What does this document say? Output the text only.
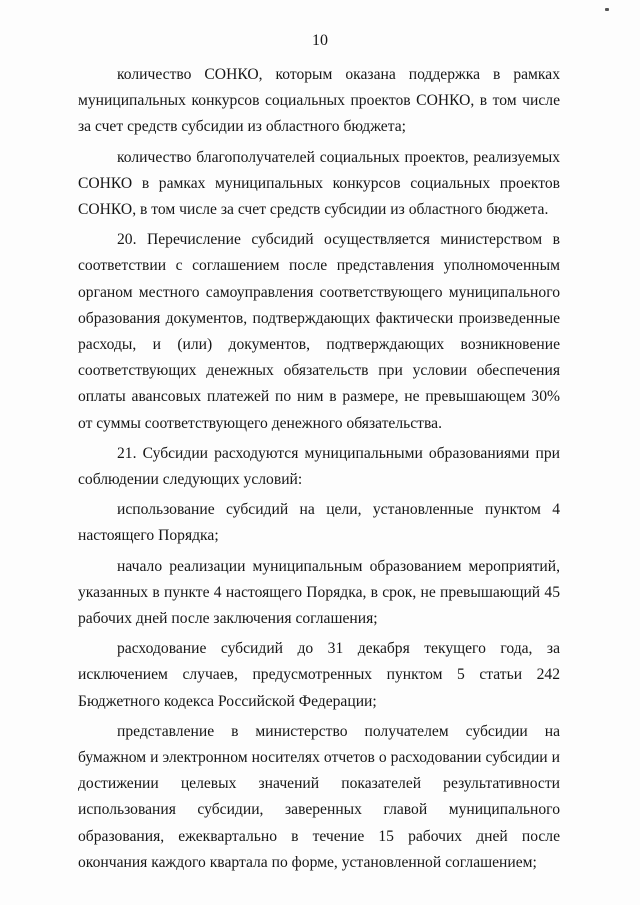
10

количество СОНКО, которым оказана поддержка в рамках муниципальных конкурсов социальных проектов СОНКО, в том числе за счет средств субсидии из областного бюджета;

количество благополучателей социальных проектов, реализуемых СОНКО в рамках муниципальных конкурсов социальных проектов СОНКО, в том числе за счет средств субсидии из областного бюджета.

20. Перечисление субсидий осуществляется министерством в соответствии с соглашением после представления уполномоченным органом местного самоуправления соответствующего муниципального образования документов, подтверждающих фактически произведенные расходы, и (или) документов, подтверждающих возникновение соответствующих денежных обязательств при условии обеспечения оплаты авансовых платежей по ним в размере, не превышающем 30% от суммы соответствующего денежного обязательства.

21. Субсидии расходуются муниципальными образованиями при соблюдении следующих условий:

использование субсидий на цели, установленные пунктом 4 настоящего Порядка;

начало реализации муниципальным образованием мероприятий, указанных в пункте 4 настоящего Порядка, в срок, не превышающий 45 рабочих дней после заключения соглашения;

расходование субсидий до 31 декабря текущего года, за исключением случаев, предусмотренных пунктом 5 статьи 242 Бюджетного кодекса Российской Федерации;

представление в министерство получателем субсидии на бумажном и электронном носителях отчетов о расходовании субсидии и достижении целевых значений показателей результативности использования субсидии, заверенных главой муниципального образования, ежеквартально в течение 15 рабочих дней после окончания каждого квартала по форме, установленной соглашением;
